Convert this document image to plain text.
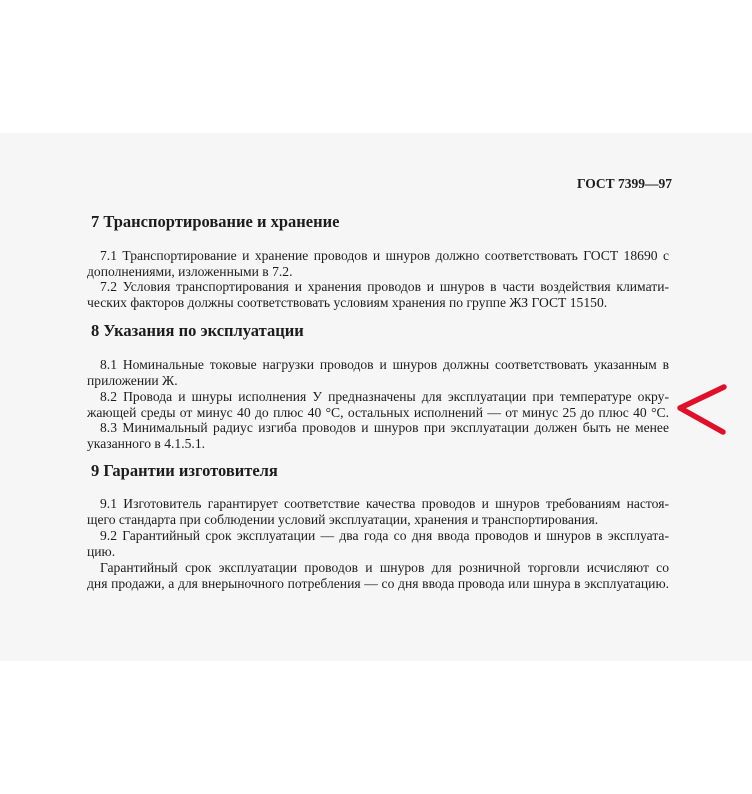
ГОСТ 7399—97
7 Транспортирование и хранение
7.1 Транспортирование и хранение проводов и шнуров должно соответствовать ГОСТ 18690 с
дополнениями, изложенными в 7.2.
7.2 Условия транспортирования и хранения проводов и шнуров в части воздействия климати-
ческих факторов должны соответствовать условиям хранения по группе ЖЗ ГОСТ 15150.
8 Указания по эксплуатации
8.1 Номинальные токовые нагрузки проводов и шнуров должны соответствовать указанным в
приложении Ж.
8.2 Провода и шнуры исполнения У предназначены для эксплуатации при температуре окру-
жающей среды от минус 40 до плюс 40 °С, остальных исполнений — от минус 25 до плюс 40 °С.
8.3 Минимальный радиус изгиба проводов и шнуров при эксплуатации должен быть не менее
указанного в 4.1.5.1.
9 Гарантии изготовителя
9.1 Изготовитель гарантирует соответствие качества проводов и шнуров требованиям настоя-
щего стандарта при соблюдении условий эксплуатации, хранения и транспортирования.
9.2 Гарантийный срок эксплуатации — два года со дня ввода проводов и шнуров в эксплуата-
цию.
Гарантийный срок эксплуатации проводов и шнуров для розничной торговли исчисляют со
дня продажи, а для внерыночного потребления — со дня ввода провода или шнура в эксплуатацию.
